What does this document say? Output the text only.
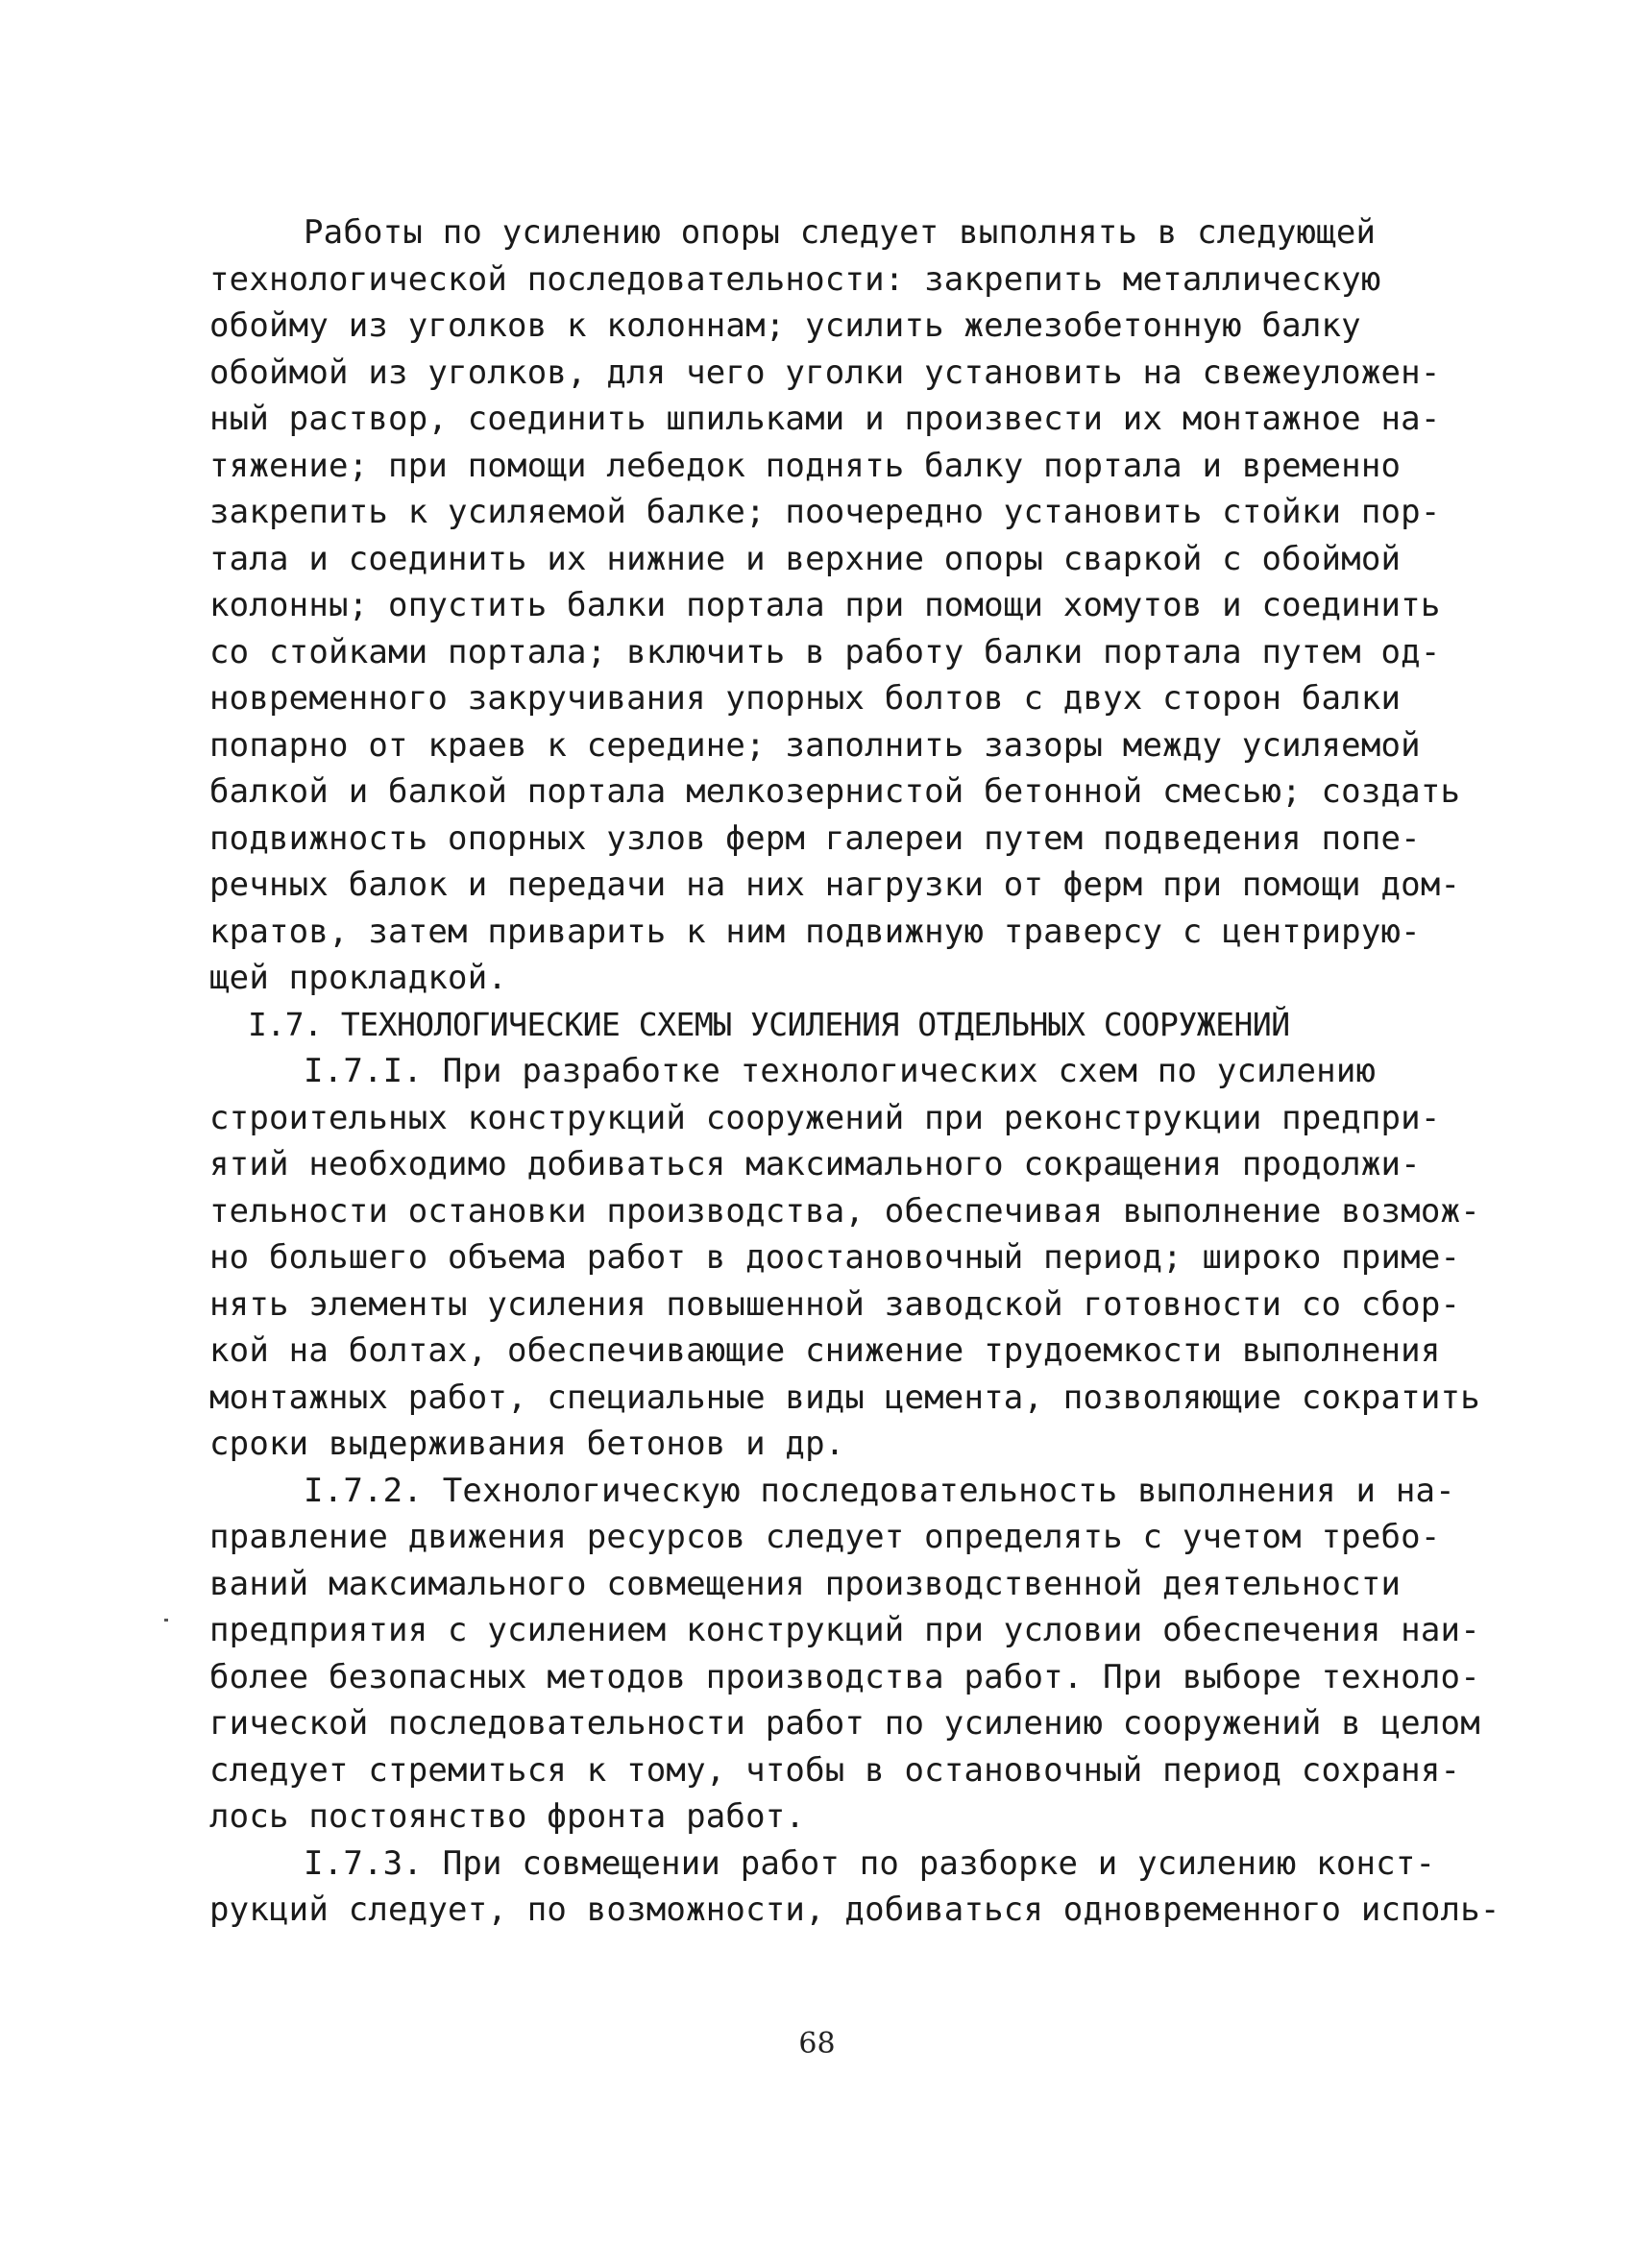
Работы по усилению опоры следует выполнять в следующей
технологической последовательности: закрепить металлическую
обойму из уголков к колоннам; усилить железобетонную балку
обоймой из уголков, для чего уголки установить на свежеуложен-
ный раствор, соединить шпильками и произвести их монтажное на-
тяжение; при помощи лебедок поднять балку портала и временно
закрепить к усиляемой балке; поочередно установить стойки пор-
тала и соединить их нижние и верхние опоры сваркой с обоймой
колонны; опустить балки портала при помощи хомутов и соединить
со стойками портала; включить в работу балки портала путем од-
новременного закручивания упорных болтов с двух сторон балки
попарно от краев к середине; заполнить зазоры между усиляемой
балкой и балкой портала мелкозернистой бетонной смесью; создать
подвижность опорных узлов ферм галереи путем подведения попе-
речных балок и передачи на них нагрузки от ферм при помощи дом-
кратов, затем приварить к ним подвижную траверсу с центрирую-
щей прокладкой.
I.7. ТЕХНОЛОГИЧЕСКИЕ СХЕМЫ УСИЛЕНИЯ ОТДЕЛЬНЫХ СООРУЖЕНИЙ
I.7.I. При разработке технологических схем по усилению
строительных конструкций сооружений при реконструкции предпри-
ятий необходимо добиваться максимального сокращения продолжи-
тельности остановки производства, обеспечивая выполнение возмож-
но большего объема работ в доостановочный период; широко приме-
нять элементы усиления повышенной заводской готовности со сбор-
кой на болтах, обеспечивающие снижение трудоемкости выполнения
монтажных работ, специальные виды цемента, позволяющие сократить
сроки выдерживания бетонов и др.
I.7.2. Технологическую последовательность выполнения и на-
правление движения ресурсов следует определять с учетом требо-
ваний максимального совмещения производственной деятельности
предприятия с усилением конструкций при условии обеспечения наи-
более безопасных методов производства работ. При выборе техноло-
гической последовательности работ по усилению сооружений в целом
следует стремиться к тому, чтобы в остановочный период сохраня-
лось постоянство фронта работ.
I.7.3. При совмещении работ по разборке и усилению конст-
рукций следует, по возможности, добиваться одновременного исполь-
68
